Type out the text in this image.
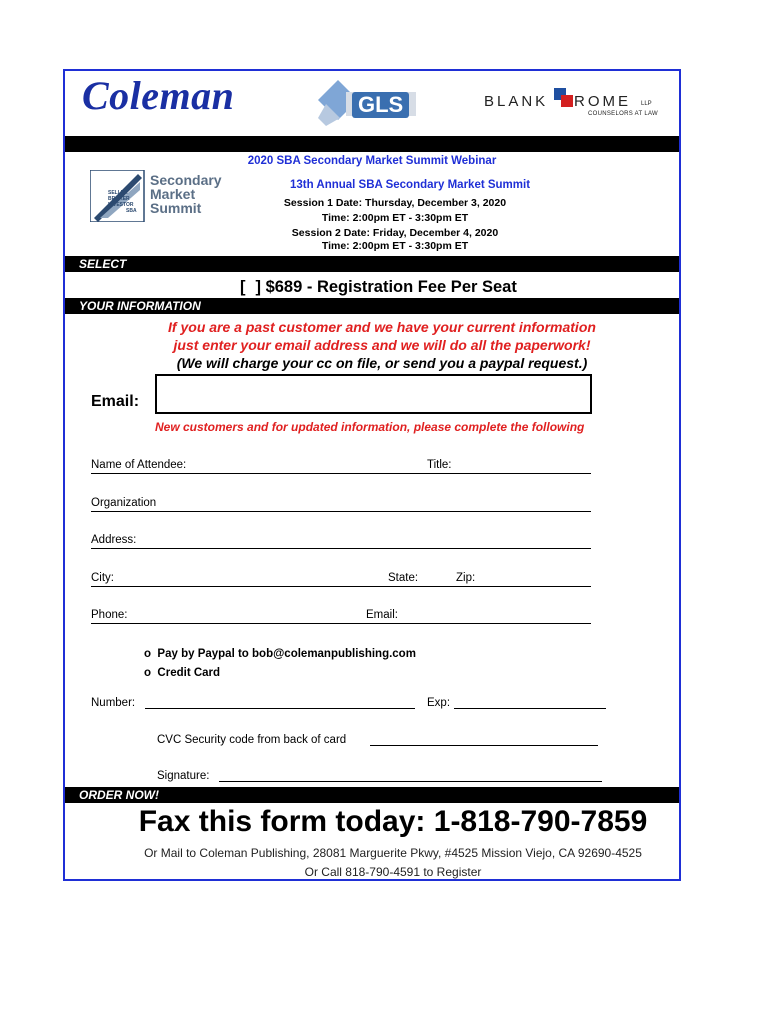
Coleman	GLS	BLANK ROME LLP
COUNSELORS AT LAW
SELLER
BROKER
INVESTOR
SBA
Secondary
Market
Summit
2020 SBA Secondary Market Summit Webinar
13th Annual SBA Secondary Market Summit
Session 1 Date: Thursday, December 3, 2020
Time: 2:00pm ET - 3:30pm ET
Session 2 Date: Friday, December 4, 2020
Time: 2:00pm ET - 3:30pm ET
SELECT
[ ] $689 - Registration Fee Per Seat
YOUR INFORMATION
If you are a past customer and we have your current information
just enter your email address and we will do all the paperwork!
(We will charge your cc on file, or send you a paypal request.)
Email:
New customers and for updated information, please complete the following
Name of Attendee:	Title:
Organization
Address:
City:	State:	Zip:
Phone:	Email:
o Pay by Paypal to bob@colemanpublishing.com
o Credit Card
Number:	Exp:
CVC Security code from back of card
Signature:
ORDER NOW!
Fax this form today: 1-818-790-7859
Or Mail to Coleman Publishing, 28081 Marguerite Pkwy, #4525 Mission Viejo, CA 92690-4525
Or Call 818-790-4591 to Register
